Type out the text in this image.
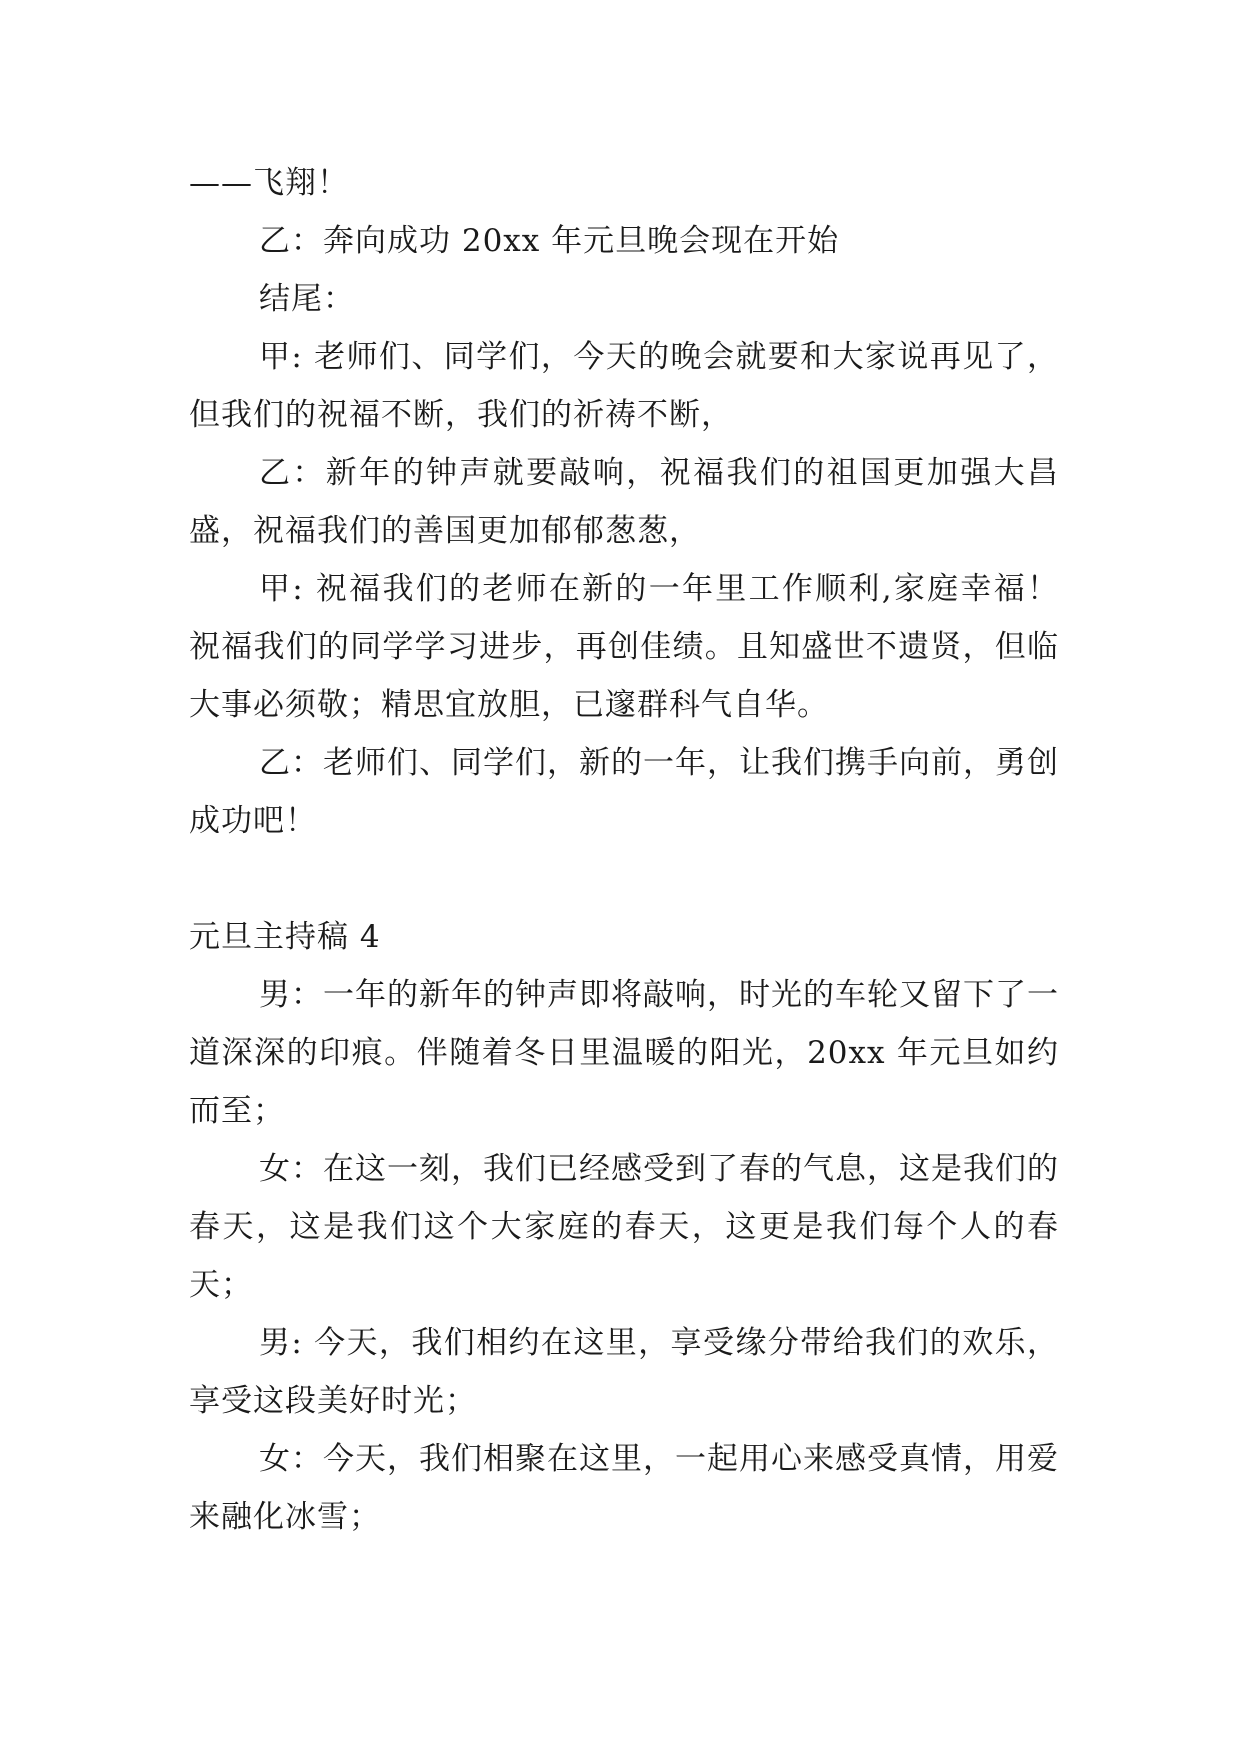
——飞翔！

乙：奔向成功 20xx 年元旦晚会现在开始

结尾：

甲: 老师们、同学们，今天的晚会就要和大家说再见了，但我们的祝福不断，我们的祈祷不断，

乙：新年的钟声就要敲响，祝福我们的祖国更加强大昌盛，祝福我们的善国更加郁郁葱葱，

甲: 祝福我们的老师在新的一年里工作顺利,家庭幸福！祝福我们的同学学习进步，再创佳绩。且知盛世不遗贤，但临大事必须敬；精思宜放胆，已邃群科气自华。

乙：老师们、同学们，新的一年，让我们携手向前，勇创成功吧！

元旦主持稿 4

男：一年的新年的钟声即将敲响，时光的车轮又留下了一道深深的印痕。伴随着冬日里温暖的阳光，20xx 年元旦如约而至；

女：在这一刻，我们已经感受到了春的气息，这是我们的春天，这是我们这个大家庭的春天，这更是我们每个人的春天；

男: 今天，我们相约在这里，享受缘分带给我们的欢乐，享受这段美好时光；

女：今天，我们相聚在这里，一起用心来感受真情，用爱来融化冰雪；
